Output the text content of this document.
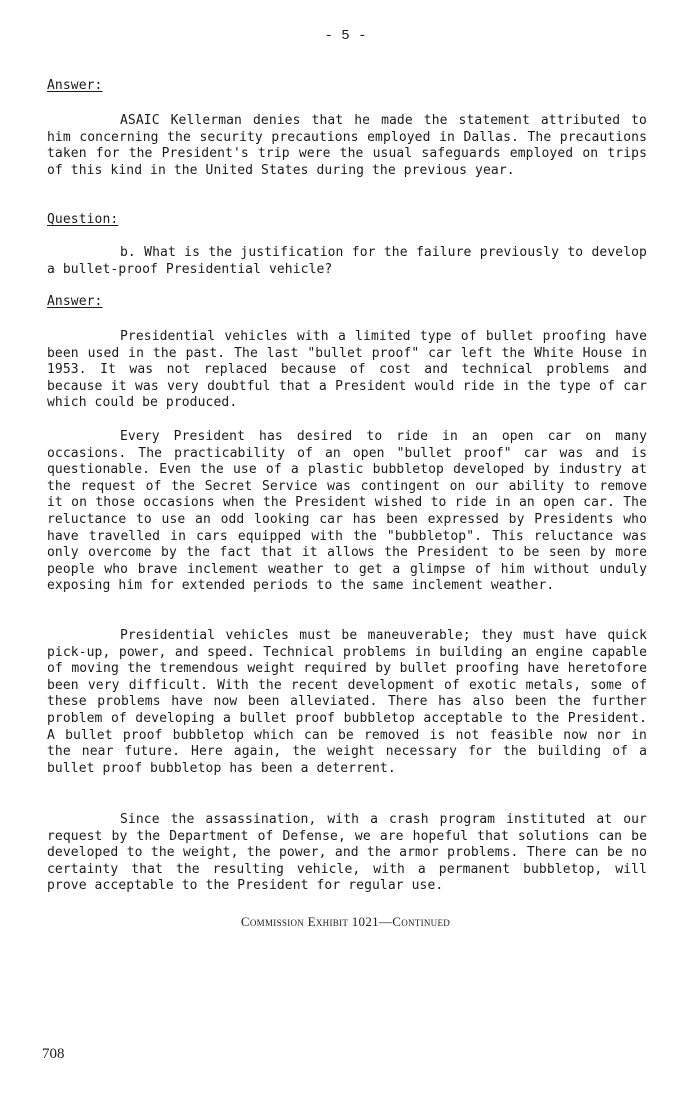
- 5 -
Answer:

ASAIC Kellerman denies that he made the statement attributed to him concerning the security precautions employed in Dallas. The precautions taken for the President's trip were the usual safeguards employed on trips of this kind in the United States during the previous year.

Question:

b. What is the justification for the failure previously to develop a bullet-proof Presidential vehicle?

Answer:

Presidential vehicles with a limited type of bullet proofing have been used in the past. The last "bullet proof" car left the White House in 1953. It was not replaced because of cost and technical problems and because it was very doubtful that a President would ride in the type of car which could be produced.

Every President has desired to ride in an open car on many occasions. The practicability of an open "bullet proof" car was and is questionable. Even the use of a plastic bubbletop developed by industry at the request of the Secret Service was contingent on our ability to remove it on those occasions when the President wished to ride in an open car. The reluctance to use an odd looking car has been expressed by Presidents who have travelled in cars equipped with the "bubbletop". This reluctance was only overcome by the fact that it allows the President to be seen by more people who brave inclement weather to get a glimpse of him without unduly exposing him for extended periods to the same inclement weather.

Presidential vehicles must be maneuverable; they must have quick pick-up, power, and speed. Technical problems in building an engine capable of moving the tremendous weight required by bullet proofing have heretofore been very difficult. With the recent development of exotic metals, some of these problems have now been alleviated. There has also been the further problem of developing a bullet proof bubbletop acceptable to the President. A bullet proof bubbletop which can be removed is not feasible now nor in the near future. Here again, the weight necessary for the building of a bullet proof bubbletop has been a deterrent.

Since the assassination, with a crash program instituted at our request by the Department of Defense, we are hopeful that solutions can be developed to the weight, the power, and the armor problems. There can be no certainty that the resulting vehicle, with a permanent bubbletop, will prove acceptable to the President for regular use.

Commission Exhibit 1021—Continued
708
